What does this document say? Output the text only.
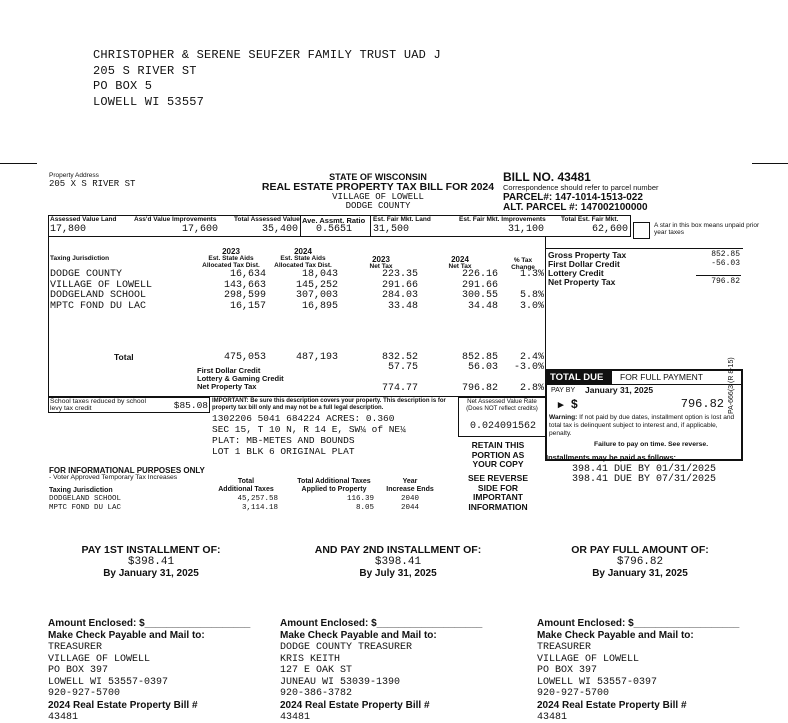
CHRISTOPHER & SERENE SEUFZER FAMILY TRUST UAD J
205 S RIVER ST
PO BOX 5
LOWELL WI 53557
Property Address
205 X S RIVER ST
STATE OF WISCONSIN
REAL ESTATE PROPERTY TAX BILL FOR 2024
VILLAGE OF LOWELL
DODGE COUNTY
BILL NO. 43481
Correspondence should refer to parcel number
PARCEL#: 147-1014-1513-022
ALT. PARCEL #: 147002100000
Assessed Value Land
17,800
Ass'd Value Improvements
17,600
Total Assessed Value
35,400
Ave. Assmt. Ratio
0.5651
Est. Fair Mkt. Land
31,500
Est. Fair Mkt. Improvements
31,100
Total Est. Fair Mkt.
62,600	A star in this box means unpaid prior year taxes
Taxing Jurisdiction
2023
Est. State Aids
Allocated Tax Dist.
2024
Est. State Aids
Allocated Tax Dist.
2023
Net Tax
2024
Net Tax
% Tax
Change
DODGE COUNTY	16,634	18,043	223.35	226.16	1.3%
VILLAGE OF LOWELL	143,663	145,252	291.66	291.66
DODGELAND SCHOOL	298,599	307,003	284.03	300.55	5.8%
MPTC FOND DU LAC	16,157	16,895	33.48	34.48	3.0%
Total	475,053	487,193	832.52	852.85	2.4%
First Dollar Credit	57.75	56.03	-3.0%
Lottery & Gaming Credit
Net Property Tax	774.77	796.82	2.8%
Gross Property Tax	852.85
First Dollar Credit	-56.03
Lottery Credit
Net Property Tax	796.82
TOTAL DUE	FOR FULL PAYMENT
PAY BY January 31, 2025
▸ $	796.82
Warning: If not paid by due dates, installment option is lost and total tax is delinquent subject to interest and, if applicable, penalty.
Failure to pay on time. See reverse.
Installments may be paid as follows:
398.41 DUE BY 01/31/2025
398.41 DUE BY 07/31/2025
PA-666(3 (R 8-15)
School taxes reduced by school levy tax credit	$85.08 IMPORTANT: Be sure this description covers your property. This description is for property tax bill only and may not be a full legal description.
1302206 5041 684224 ACRES: 0.360
SEC 15, T 10 N, R 14 E, SW¼ of NE¼
PLAT: MB-METES AND BOUNDS
LOT 1 BLK 6 ORIGINAL PLAT
Net Assessed Value Rate (Does NOT reflect credits)
0.024091562
RETAIN THIS
PORTION AS
YOUR COPY
SEE REVERSE
SIDE FOR
IMPORTANT
INFORMATION
FOR INFORMATIONAL PURPOSES ONLY
- Voter Approved Temporary Tax Increases
Taxing Jurisdiction
Total
Additional Taxes
Total Additional Taxes
Applied to Property
Year
Increase Ends
DODGELAND SCHOOL	45,257.58	116.39	2040
MPTC FOND DU LAC	3,114.18	8.05	2044
PAY 1ST INSTALLMENT OF:
$398.41
By January 31, 2025
AND PAY 2ND INSTALLMENT OF:
$398.41
By July 31, 2025
OR PAY FULL AMOUNT OF:
$796.82
By January 31, 2025
Amount Enclosed: $___________________
Make Check Payable and Mail to:
TREASURER
VILLAGE OF LOWELL
PO BOX 397
LOWELL WI 53557-0397
920-927-5700
2024 Real Estate Property Bill #
43481
Amount Enclosed: $___________________
Make Check Payable and Mail to:
DODGE COUNTY TREASURER
KRIS KEITH
127 E OAK ST
JUNEAU WI 53039-1390
920-386-3782
2024 Real Estate Property Bill #
43481
Amount Enclosed: $___________________
Make Check Payable and Mail to:
TREASURER
VILLAGE OF LOWELL
PO BOX 397
LOWELL WI 53557-0397
920-927-5700
2024 Real Estate Property Bill #
43481
